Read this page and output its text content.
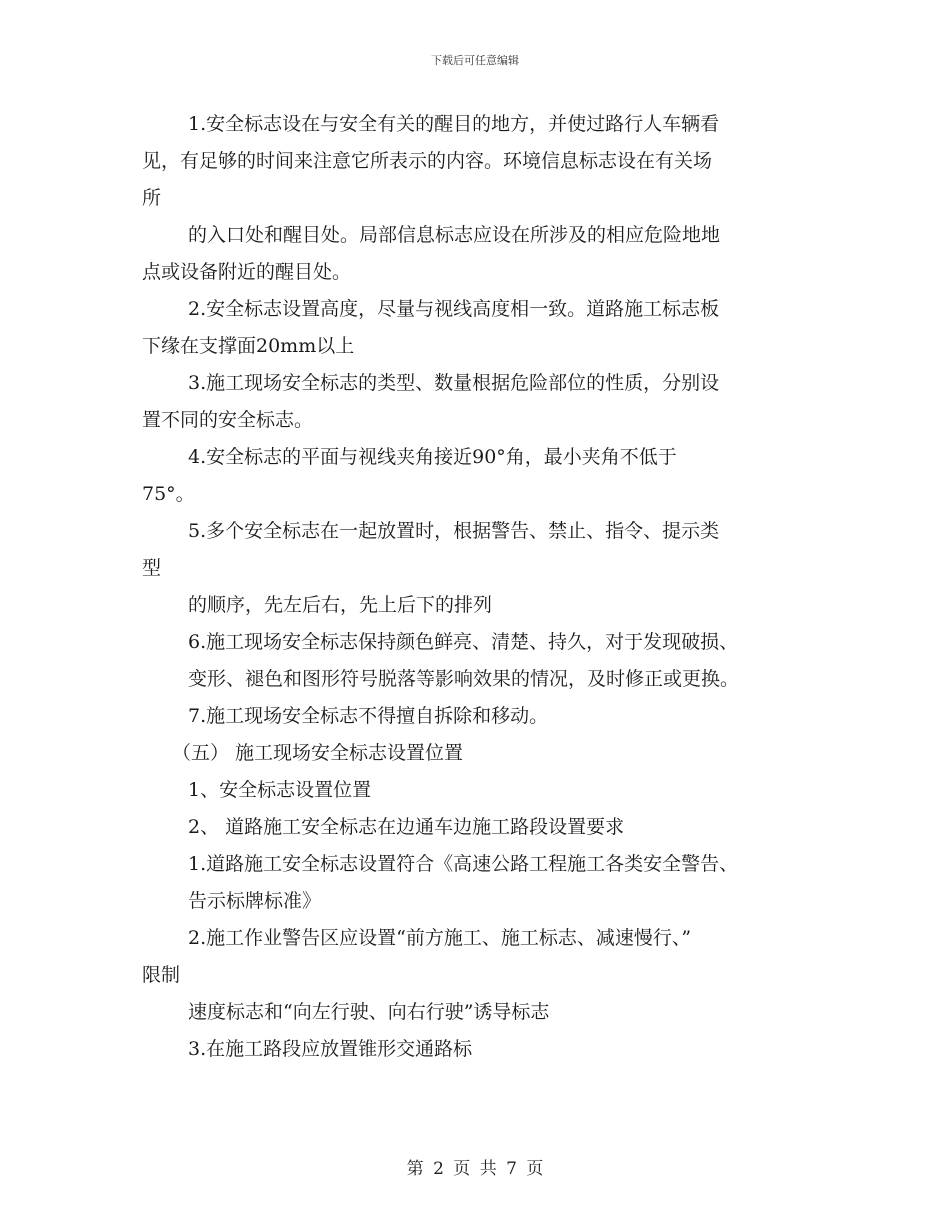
下载后可任意编辑
1.安全标志设在与安全有关的醒目的地方，并使过路行人车辆看
见，有足够的时间来注意它所表示的内容。环境信息标志设在有关场
所
的入口处和醒目处。局部信息标志应设在所涉及的相应危险地地
点或设备附近的醒目处。
2.安全标志设置高度，尽量与视线高度相一致。道路施工标志板
下缘在支撑面20mm以上
3.施工现场安全标志的类型、数量根据危险部位的性质，分别设
置不同的安全标志。
4.安全标志的平面与视线夹角接近90°角，最小夹角不低于
75°。
5.多个安全标志在一起放置时，根据警告、禁止、指令、提示类
型
的顺序，先左后右，先上后下的排列
6.施工现场安全标志保持颜色鲜亮、清楚、持久，对于发现破损、
变形、褪色和图形符号脱落等影响效果的情况，及时修正或更换。
7.施工现场安全标志不得擅自拆除和移动。
（五） 施工现场安全标志设置位置
1、安全标志设置位置
2、 道路施工安全标志在边通车边施工路段设置要求
1.道路施工安全标志设置符合《高速公路工程施工各类安全警告、
告示标牌标准》
2.施工作业警告区应设置“前方施工、施工标志、减速慢行、”
限制
速度标志和“向左行驶、向右行驶”诱导标志
3.在施工路段应放置锥形交通路标
第 2 页 共 7 页
